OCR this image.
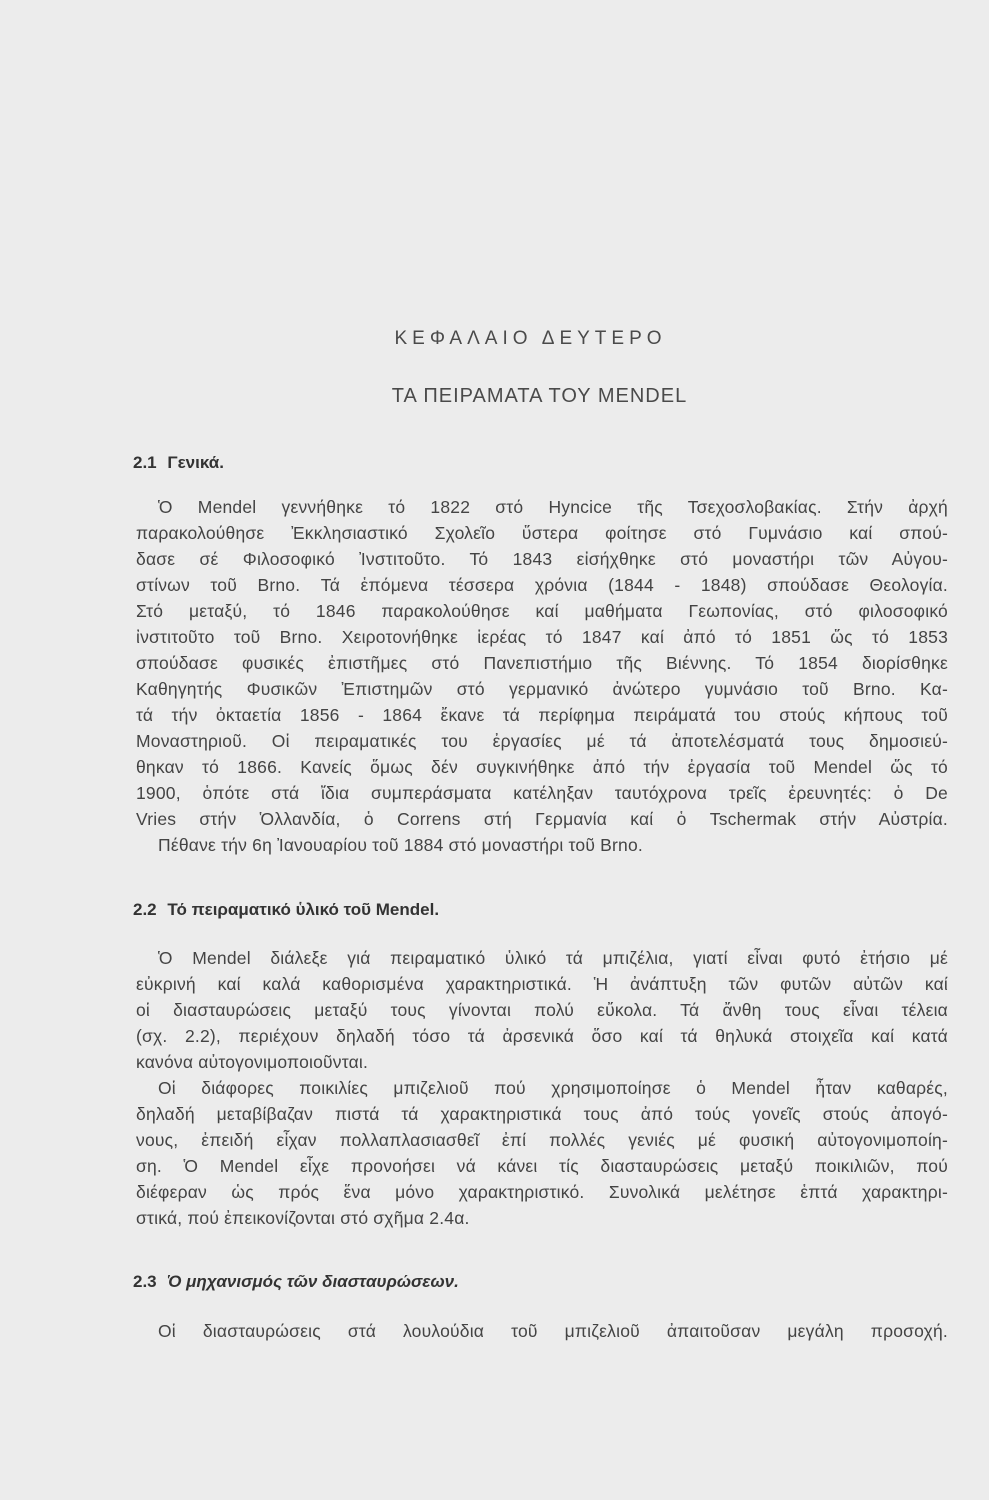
ΚΕΦΑΛΑΙΟ ΔΕΥΤΕΡΟ
ΤΑ ΠΕΙΡΑΜΑΤΑ ΤΟΥ MENDEL
2.1 Γενικά.
Ὁ Mendel γεννήθηκε τό 1822 στό Hyncice τῆς Τσεχοσλοβακίας. Στήν ἀρχή
παρακολούθησε Ἐκκλησιαστικό Σχολεῖο ὕστερα φοίτησε στό Γυμνάσιο καί σπού-
δασε σέ Φιλοσοφικό Ἰνστιτοῦτο. Τό 1843 εἰσήχθηκε στό μοναστήρι τῶν Αὐγου-
στίνων τοῦ Brno. Τά ἑπόμενα τέσσερα χρόνια (1844 - 1848) σπούδασε Θεολογία.
Στό μεταξύ, τό 1846 παρακολούθησε καί μαθήματα Γεωπονίας, στό φιλοσοφικό
ἰνστιτοῦτο τοῦ Brno. Χειροτονήθηκε ἱερέας τό 1847 καί ἀπό τό 1851 ὥς τό 1853
σπούδασε φυσικές ἐπιστῆμες στό Πανεπιστήμιο τῆς Βιέννης. Τό 1854 διορίσθηκε
Καθηγητής Φυσικῶν Ἐπιστημῶν στό γερμανικό ἀνώτερο γυμνάσιο τοῦ Brno. Κα-
τά τήν ὀκταετία 1856 - 1864 ἔκανε τά περίφημα πειράματά του στούς κήπους τοῦ
Μοναστηριοῦ. Οἱ πειραματικές του ἐργασίες μέ τά ἀποτελέσματά τους δημοσιεύ-
θηκαν τό 1866. Κανείς ὅμως δέν συγκινήθηκε ἀπό τήν ἐργασία τοῦ Mendel ὥς τό
1900, ὁπότε στά ἴδια συμπεράσματα κατέληξαν ταυτόχρονα τρεῖς ἐρευνητές: ὁ De
Vries στήν Ὁλλανδία, ὁ Correns στή Γερμανία καί ὁ Tschermak στήν Αὐστρία.
Πέθανε τήν 6η Ἰανουαρίου τοῦ 1884 στό μοναστήρι τοῦ Brno.
2.2 Τό πειραματικό ὑλικό τοῦ Mendel.
Ὁ Mendel διάλεξε γιά πειραματικό ὑλικό τά μπιζέλια, γιατί εἶναι φυτό ἐτήσιο μέ
εὐκρινή καί καλά καθορισμένα χαρακτηριστικά. Ἡ ἀνάπτυξη τῶν φυτῶν αὐτῶν καί
οἱ διασταυρώσεις μεταξύ τους γίνονται πολύ εὔκολα. Τά ἄνθη τους εἶναι τέλεια
(σχ. 2.2), περιέχουν δηλαδή τόσο τά ἀρσενικά ὅσο καί τά θηλυκά στοιχεῖα καί κατά
κανόνα αὐτογονιμοποιοῦνται.
Οἱ διάφορες ποικιλίες μπιζελιοῦ πού χρησιμοποίησε ὁ Mendel ἦταν καθαρές,
δηλαδή μεταβίβαζαν πιστά τά χαρακτηριστικά τους ἀπό τούς γονεῖς στούς ἀπογό-
νους, ἐπειδή εἶχαν πολλαπλασιασθεῖ ἐπί πολλές γενιές μέ φυσική αὐτογονιμοποίη-
ση. Ὁ Mendel εἶχε προνοήσει νά κάνει τίς διασταυρώσεις μεταξύ ποικιλιῶν, πού
διέφεραν ὡς πρός ἕνα μόνο χαρακτηριστικό. Συνολικά μελέτησε ἑπτά χαρακτηρι-
στικά, πού ἐπεικονίζονται στό σχῆμα 2.4α.
2.3 Ὁ μηχανισμός τῶν διασταυρώσεων.
Οἱ διασταυρώσεις στά λουλούδια τοῦ μπιζελιοῦ ἀπαιτοῦσαν μεγάλη προσοχή.
